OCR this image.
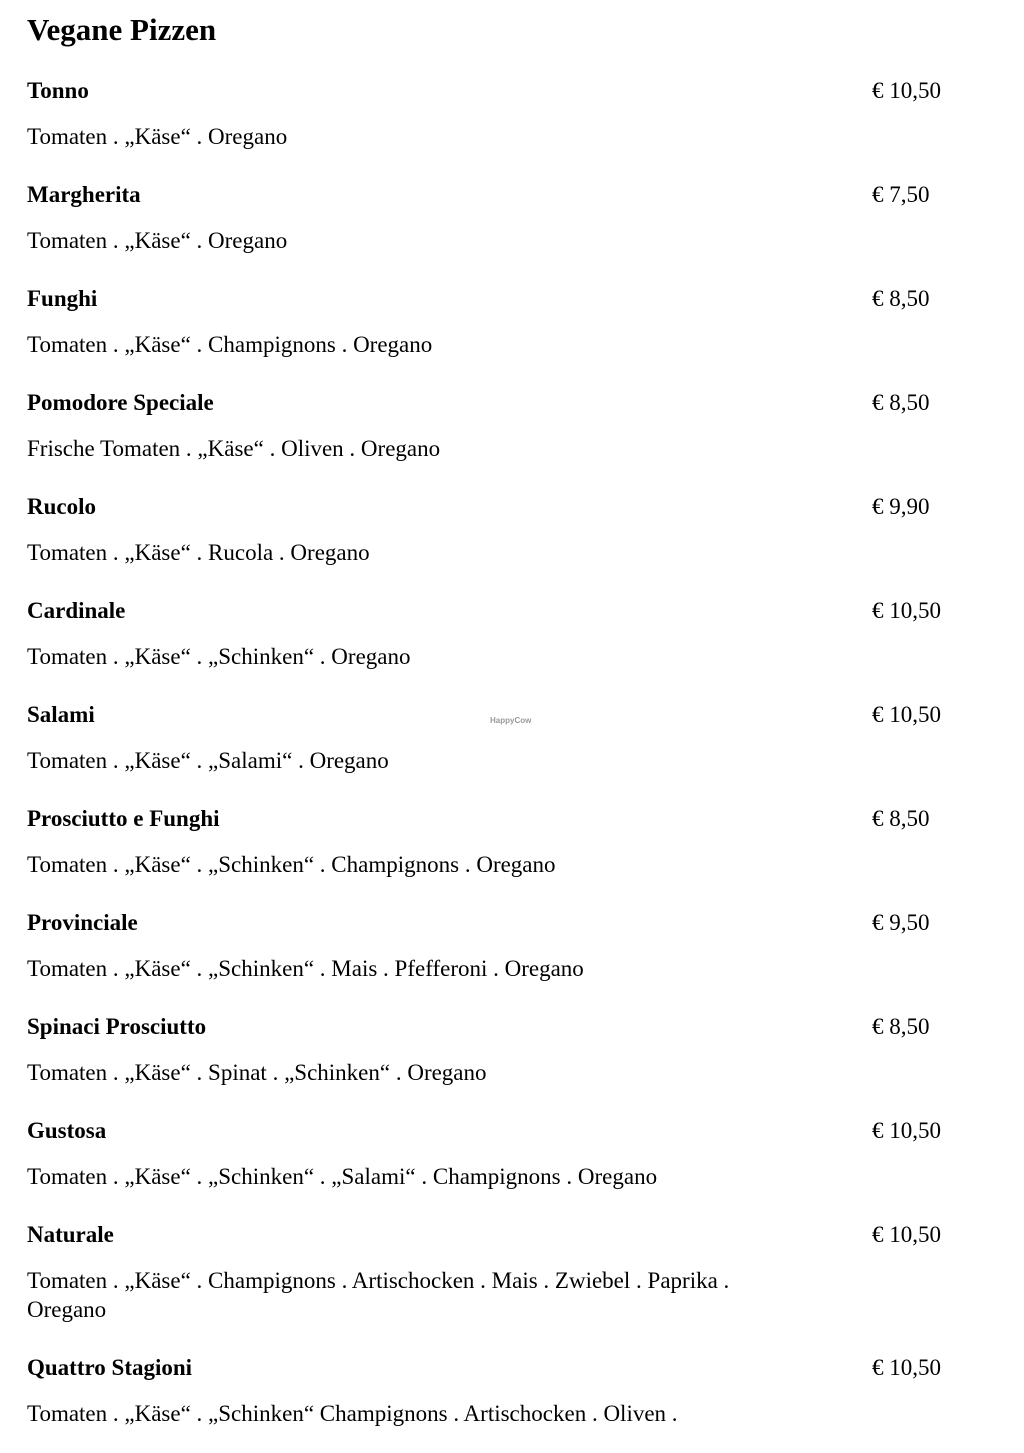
Vegane Pizzen
Tonno	€ 10,50
Tomaten . „Käse“ . Oregano
Margherita	€ 7,50
Tomaten . „Käse“ . Oregano
Funghi	€ 8,50
Tomaten . „Käse“ . Champignons . Oregano
Pomodore Speciale	€ 8,50
Frische Tomaten . „Käse“ . Oliven . Oregano
Rucolo	€ 9,90
Tomaten . „Käse“ . Rucola . Oregano
Cardinale	€ 10,50
Tomaten . „Käse“ . „Schinken“ . Oregano
Salami	€ 10,50
Tomaten . „Käse“ . „Salami“ . Oregano
Prosciutto e Funghi	€ 8,50
Tomaten . „Käse“ . „Schinken“ . Champignons . Oregano
Provinciale	€ 9,50
Tomaten . „Käse“ . „Schinken“ . Mais . Pfefferoni . Oregano
Spinaci Prosciutto	€ 8,50
Tomaten . „Käse“ . Spinat . „Schinken“ . Oregano
Gustosa	€ 10,50
Tomaten . „Käse“ . „Schinken“ . „Salami“ . Champignons . Oregano
Naturale	€ 10,50
Tomaten . „Käse“ . Champignons . Artischocken . Mais . Zwiebel . Paprika . Oregano
Quattro Stagioni	€ 10,50
Tomaten . „Käse“ . „Schinken“ Champignons . Artischocken . Oliven .
HappyCow
